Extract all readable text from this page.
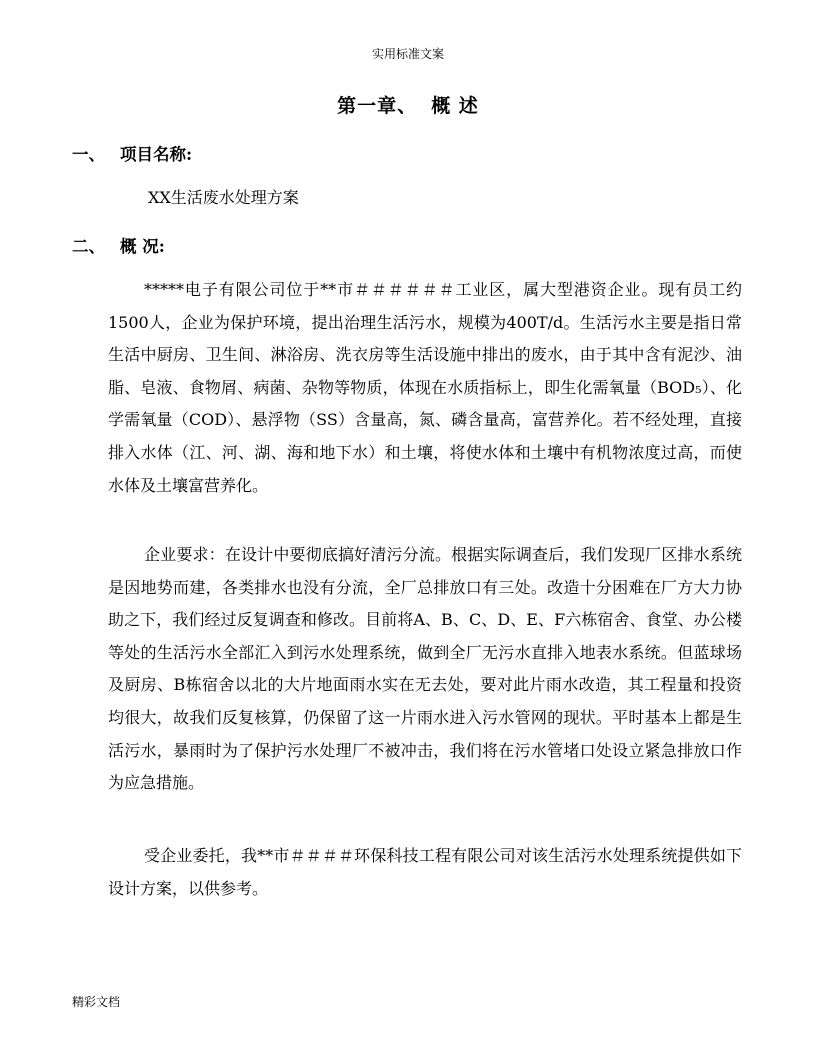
实用标准文案
第一章、 概 述
一、 项目名称:
XX生活废水处理方案
二、 概 况:

*****电子有限公司位于**市＃＃＃＃＃＃工业区，属大型港资企业。现有员工约1500人，企业为保护环境，提出治理生活污水，规模为400T/d。生活污水主要是指日常生活中厨房、卫生间、淋浴房、洗衣房等生活设施中排出的废水，由于其中含有泥沙、油脂、皂液、食物屑、病菌、杂物等物质，体现在水质指标上，即生化需氧量（BOD₅）、化学需氧量（COD）、悬浮物（SS）含量高，氮、磷含量高，富营养化。若不经处理，直接排入水体（江、河、湖、海和地下水）和土壤，将使水体和土壤中有机物浓度过高，而使水体及土壤富营养化。

企业要求：在设计中要彻底搞好清污分流。根据实际调查后，我们发现厂区排水系统是因地势而建，各类排水也没有分流，全厂总排放口有三处。改造十分困难在厂方大力协助之下，我们经过反复调查和修改。目前将A、B、C、D、E、F六栋宿舍、食堂、办公楼等处的生活污水全部汇入到污水处理系统，做到全厂无污水直排入地表水系统。但蓝球场及厨房、B栋宿舍以北的大片地面雨水实在无去处，要对此片雨水改造，其工程量和投资均很大，故我们反复核算，仍保留了这一片雨水进入污水管网的现状。平时基本上都是生活污水，暴雨时为了保护污水处理厂不被冲击，我们将在污水管堵口处设立紧急排放口作为应急措施。

受企业委托，我**市＃＃＃＃环保科技工程有限公司对该生活污水处理系统提供如下设计方案，以供参考。

精彩文档
